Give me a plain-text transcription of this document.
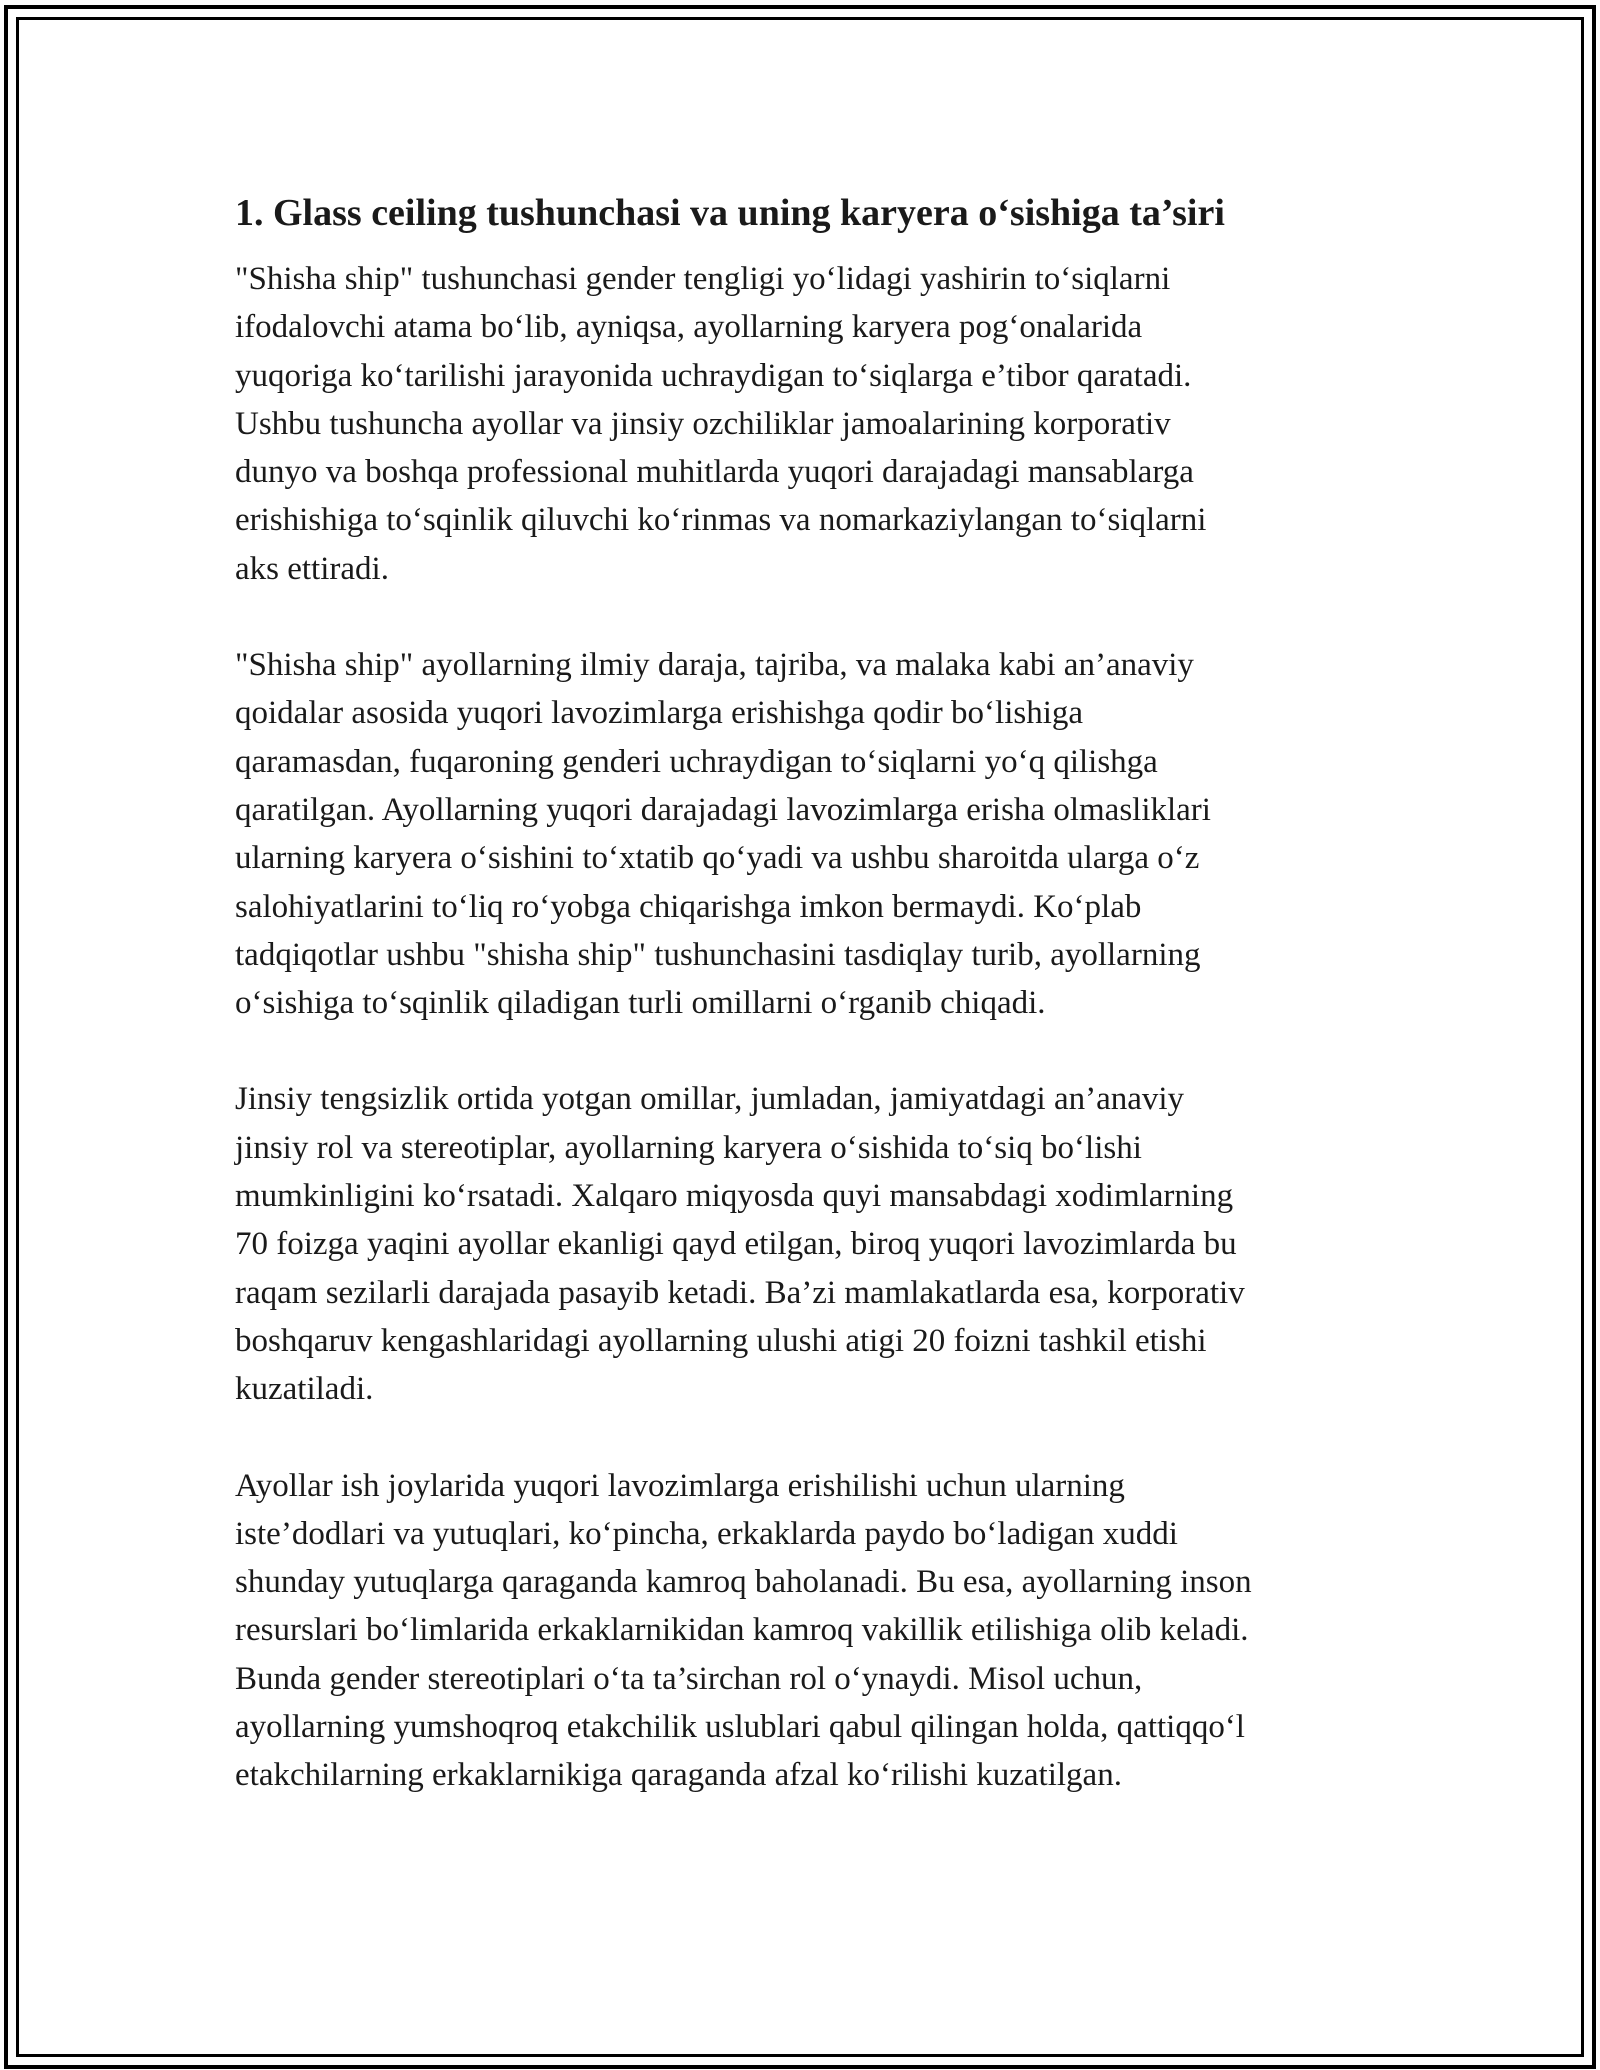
1. Glass ceiling tushunchasi va uning karyera o‘sishiga ta’siri

"Shisha ship" tushunchasi gender tengligi yo‘lidagi yashirin to‘siqlarni
ifodalovchi atama bo‘lib, ayniqsa, ayollarning karyera pog‘onalarida
yuqoriga ko‘tarilishi jarayonida uchraydigan to‘siqlarga e’tibor qaratadi.
Ushbu tushuncha ayollar va jinsiy ozchiliklar jamoalarining korporativ
dunyo va boshqa professional muhitlarda yuqori darajadagi mansablarga
erishishiga to‘sqinlik qiluvchi ko‘rinmas va nomarkaziylangan to‘siqlarni
aks ettiradi.

"Shisha ship" ayollarning ilmiy daraja, tajriba, va malaka kabi an’anaviy
qoidalar asosida yuqori lavozimlarga erishishga qodir bo‘lishiga
qaramasdan, fuqaroning genderi uchraydigan to‘siqlarni yo‘q qilishga
qaratilgan. Ayollarning yuqori darajadagi lavozimlarga erisha olmasliklari
ularning karyera o‘sishini to‘xtatib qo‘yadi va ushbu sharoitda ularga o‘z
salohiyatlarini to‘liq ro‘yobga chiqarishga imkon bermaydi. Ko‘plab
tadqiqotlar ushbu "shisha ship" tushunchasini tasdiqlay turib, ayollarning
o‘sishiga to‘sqinlik qiladigan turli omillarni o‘rganib chiqadi.

Jinsiy tengsizlik ortida yotgan omillar, jumladan, jamiyatdagi an’anaviy
jinsiy rol va stereotiplar, ayollarning karyera o‘sishida to‘siq bo‘lishi
mumkinligini ko‘rsatadi. Xalqaro miqyosda quyi mansabdagi xodimlarning
70 foizga yaqini ayollar ekanligi qayd etilgan, biroq yuqori lavozimlarda bu
raqam sezilarli darajada pasayib ketadi. Ba’zi mamlakatlarda esa, korporativ
boshqaruv kengashlaridagi ayollarning ulushi atigi 20 foizni tashkil etishi
kuzatiladi.

Ayollar ish joylarida yuqori lavozimlarga erishilishi uchun ularning
iste’dodlari va yutuqlari, ko‘pincha, erkaklarda paydo bo‘ladigan xuddi
shunday yutuqlarga qaraganda kamroq baholanadi. Bu esa, ayollarning inson
resurslari bo‘limlarida erkaklarnikidan kamroq vakillik etilishiga olib keladi.
Bunda gender stereotiplari o‘ta ta’sirchan rol o‘ynaydi. Misol uchun,
ayollarning yumshoqroq etakchilik uslublari qabul qilingan holda, qattiqqo‘l
etakchilarning erkaklarnikiga qaraganda afzal ko‘rilishi kuzatilgan.
